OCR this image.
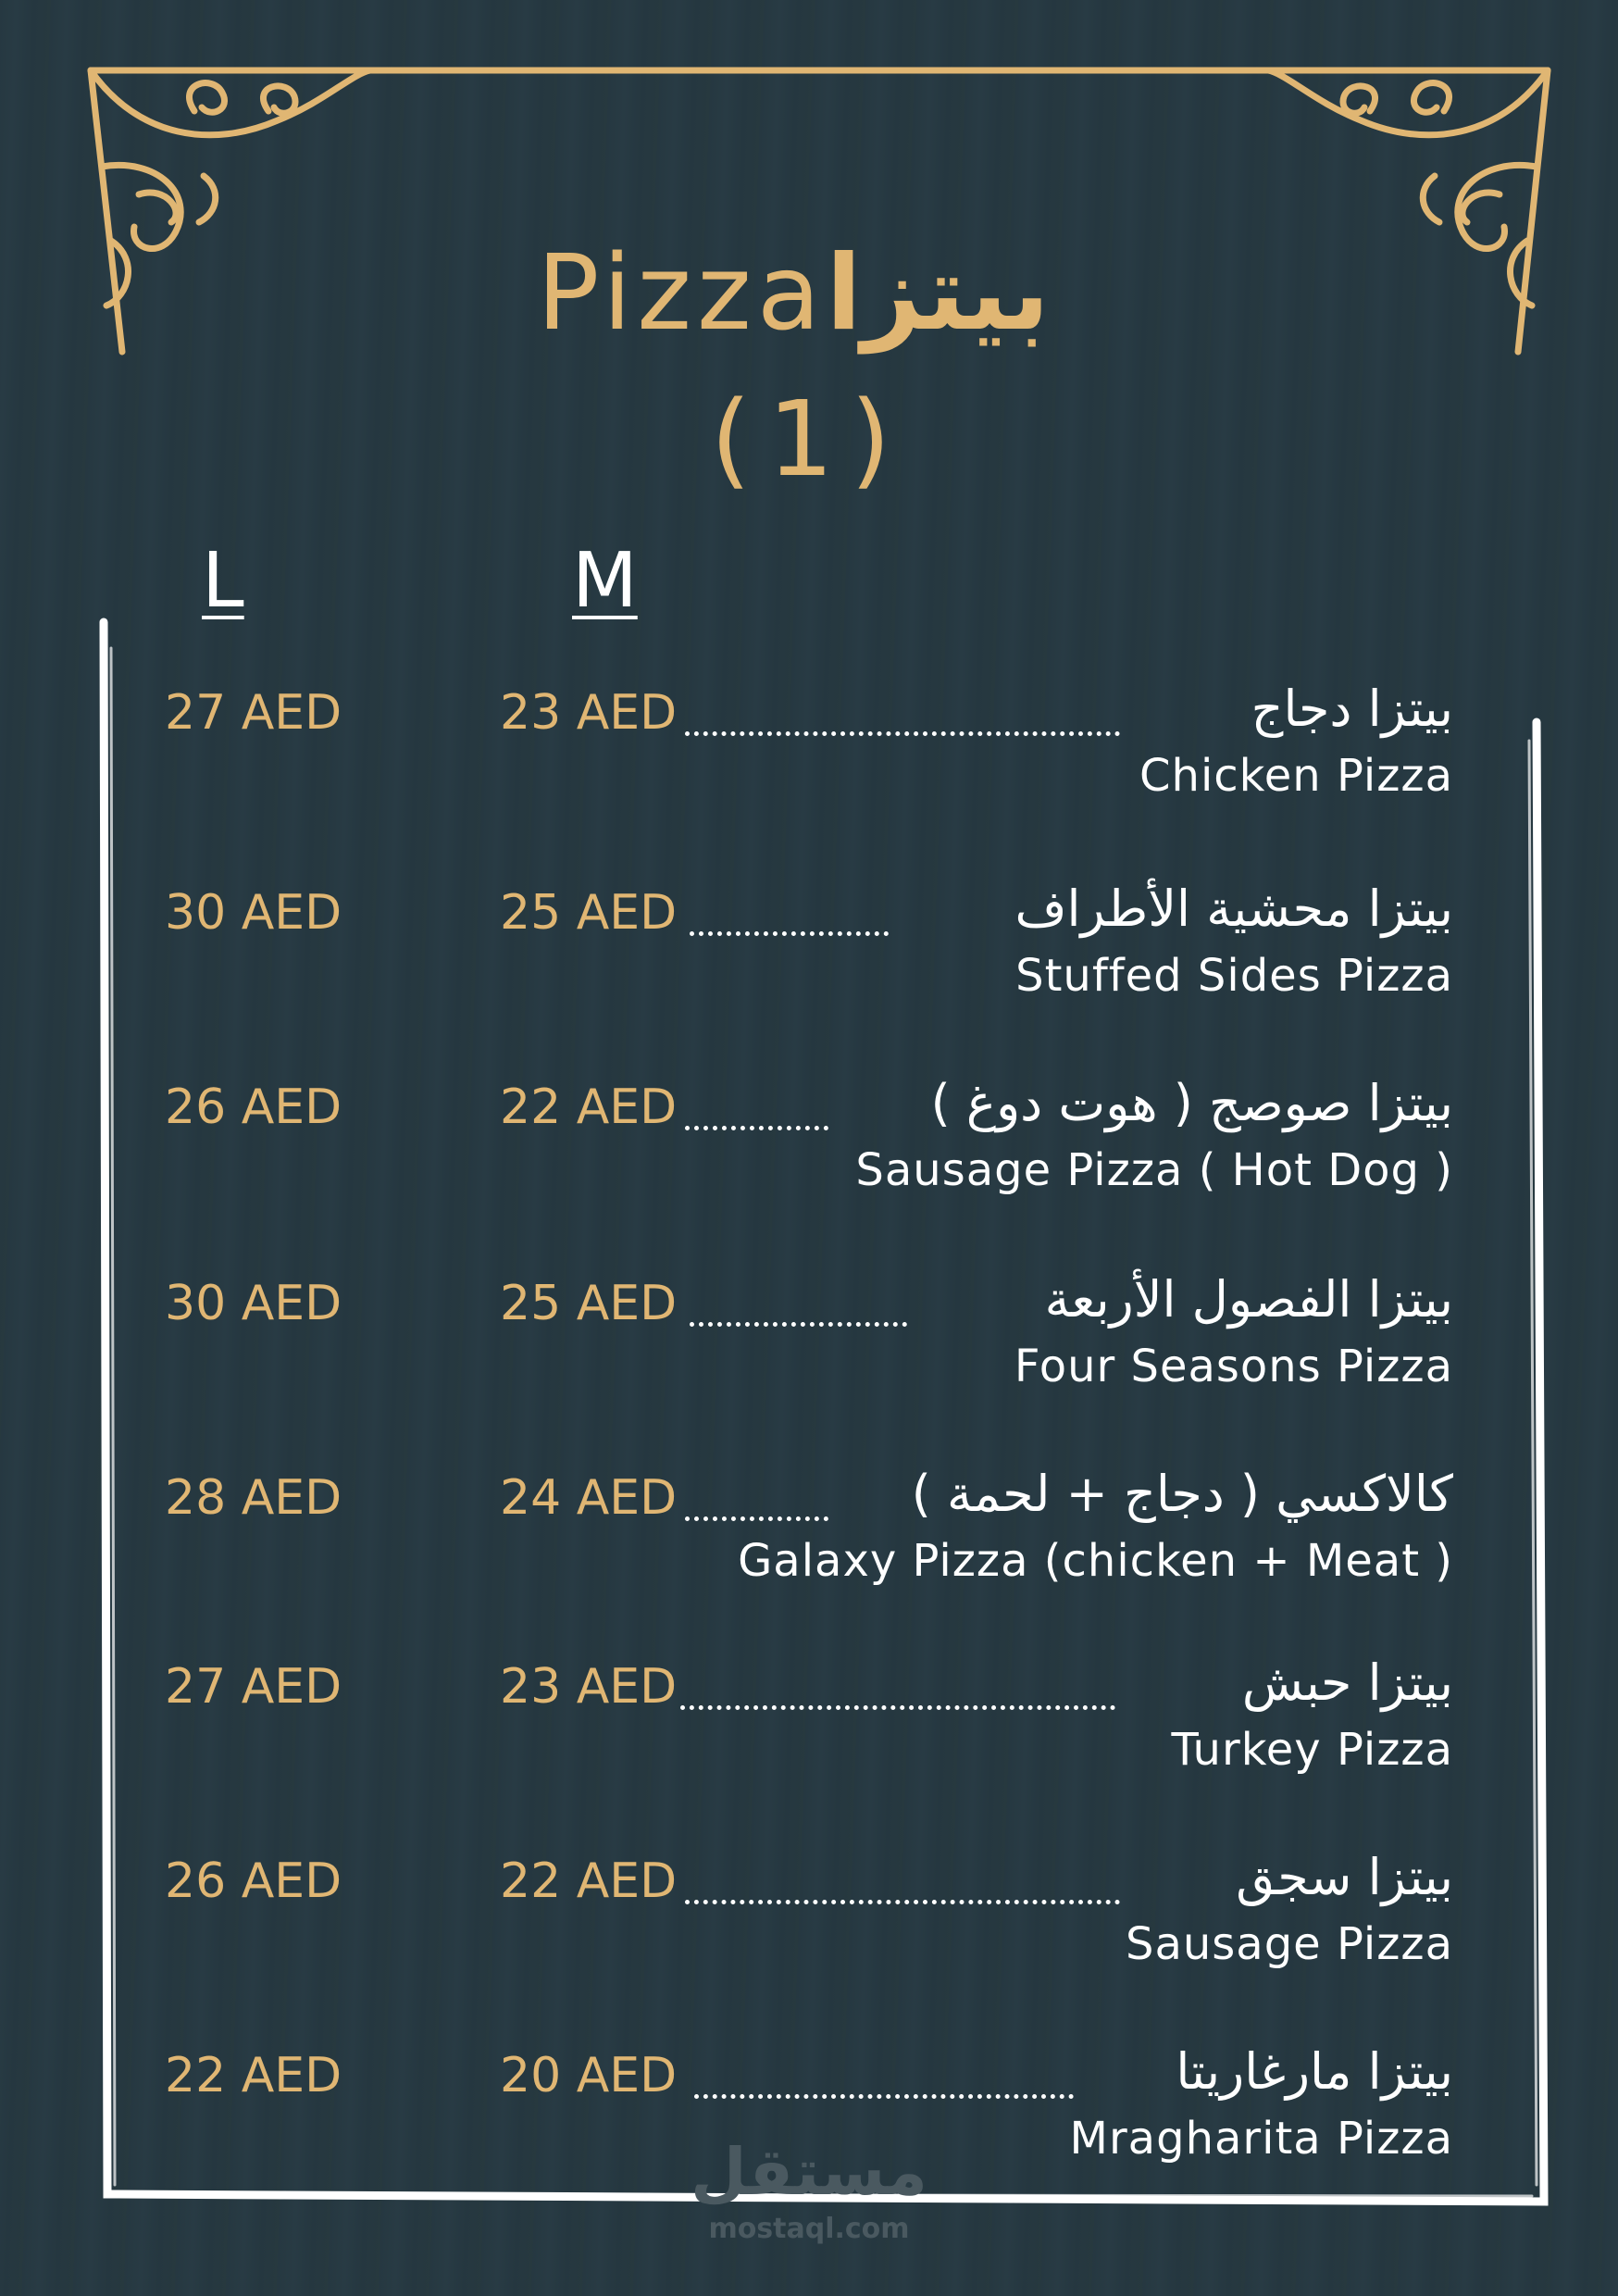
Pizzaبيتزا
(1)
L	M
27 AED	23 AED	بيتزا دجاج
Chicken Pizza
30 AED	25 AED	بيتزا محشية الأطراف
Stuffed Sides Pizza
26 AED	22 AED	بيتزا صوصج ( هوت دوغ )
Sausage Pizza ( Hot Dog )
30 AED	25 AED	بيتزا الفصول الأربعة
Four Seasons Pizza
28 AED	24 AED	كالاكسي ( دجاج + لحمة )
Galaxy Pizza (chicken + Meat )
27 AED	23 AED	بيتزا حبش
Turkey Pizza
26 AED	22 AED	بيتزا سجق
Sausage Pizza
22 AED	20 AED	بيتزا مارغاريتا
Mragharita Pizza
مستقل
mostaql.com
